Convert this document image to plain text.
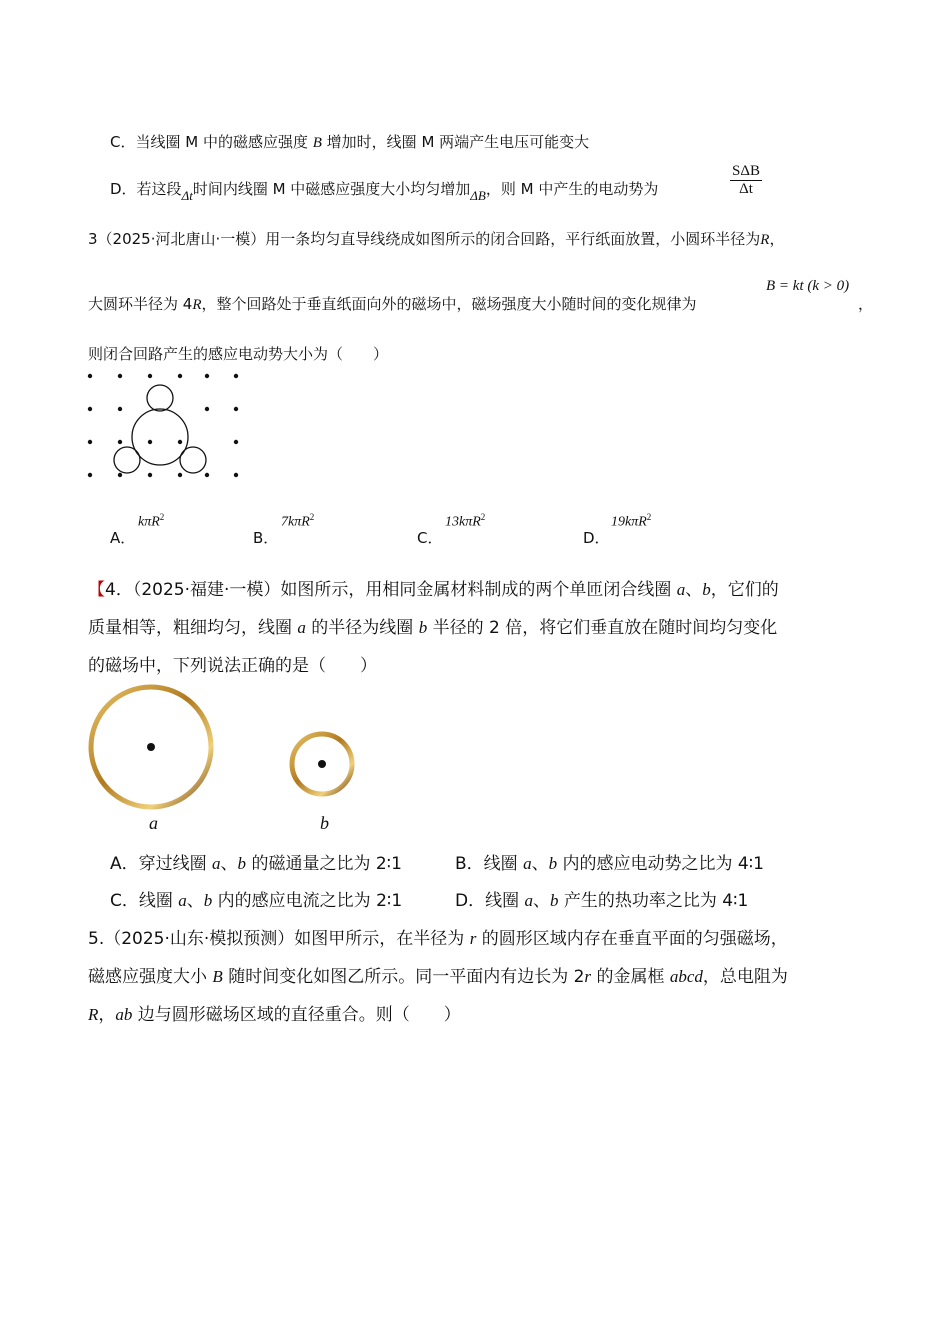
C．当线圈 M 中的磁感应强度 B 增加时，线圈 M 两端产生电压可能变大
D．若这段Δt时间内线圈 M 中磁感应强度大小均匀增加ΔB，则 M 中产生的电动势为
SΔB
Δt
3（2025·河北唐山·一模）用一条均匀直导线绕成如图所示的闭合回路，平行纸面放置，小圆环半径为R，
大圆环半径为 4R，整个回路处于垂直纸面向外的磁场中，磁场强度大小随时间的变化规律为
B = kt (k > 0)
，
则闭合回路产生的感应电动势大小为（　　）
A．
kπR$^2$
B．
7kπR$^2$
C．
13kπR$^2$
D．
19kπR$^2$
【4．（2025·福建·一模）如图所示，用相同金属材料制成的两个单匝闭合线圈 a、b，它们的
质量相等，粗细均匀，线圈 a 的半径为线圈 b 半径的 2 倍，将它们垂直放在随时间均匀变化
的磁场中，下列说法正确的是（　　）
a	b
A．穿过线圈 a、b 的磁通量之比为 2∶1	B．线圈 a、b 内的感应电动势之比为 4∶1
C．线圈 a、b 内的感应电流之比为 2∶1	D．线圈 a、b 产生的热功率之比为 4∶1
5.（2025·山东·模拟预测）如图甲所示，在半径为 r 的圆形区域内存在垂直平面的匀强磁场，
磁感应强度大小 B 随时间变化如图乙所示。同一平面内有边长为 2r 的金属框 abcd，总电阻为
R，ab 边与圆形磁场区域的直径重合。则（　　）
